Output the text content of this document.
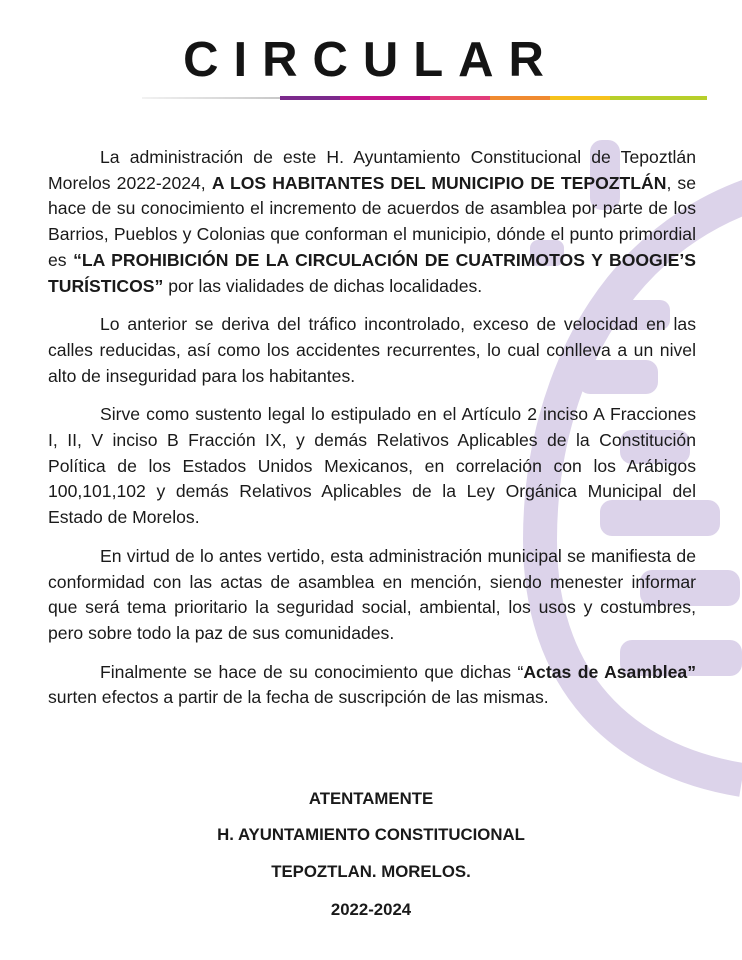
CIRCULAR

La administración de este H. Ayuntamiento Constitucional de Tepoztlán Morelos 2022-2024, A LOS HABITANTES DEL MUNICIPIO DE TEPOZTLÁN, se hace de su conocimiento el incremento de acuerdos de asamblea por parte de los Barrios, Pueblos y Colonias que conforman el municipio, dónde el punto primordial es “LA PROHIBICIÓN DE LA CIRCULACIÓN DE CUATRIMOTOS Y BOOGIE’S TURÍSTICOS” por las vialidades de dichas localidades.

Lo anterior se deriva del tráfico incontrolado, exceso de velocidad en las calles reducidas, así como los accidentes recurrentes, lo cual conlleva a un nivel alto de inseguridad para los habitantes.

Sirve como sustento legal lo estipulado en el Artículo 2 inciso A Fracciones I, II, V inciso B Fracción IX, y demás Relativos Aplicables de la Constitución Política de los Estados Unidos Mexicanos, en correlación con los Arábigos 100,101,102 y demás Relativos Aplicables de la Ley Orgánica Municipal del Estado de Morelos.

En virtud de lo antes vertido, esta administración municipal se manifiesta de conformidad con las actas de asamblea en mención, siendo menester informar que será tema prioritario la seguridad social, ambiental, los usos y costumbres, pero sobre todo la paz de sus comunidades.

Finalmente se hace de su conocimiento que dichas “Actas de Asamblea” surten efectos a partir de la fecha de suscripción de las mismas.

ATENTAMENTE
H. AYUNTAMIENTO CONSTITUCIONAL
TEPOZTLAN. MORELOS.
2022-2024
